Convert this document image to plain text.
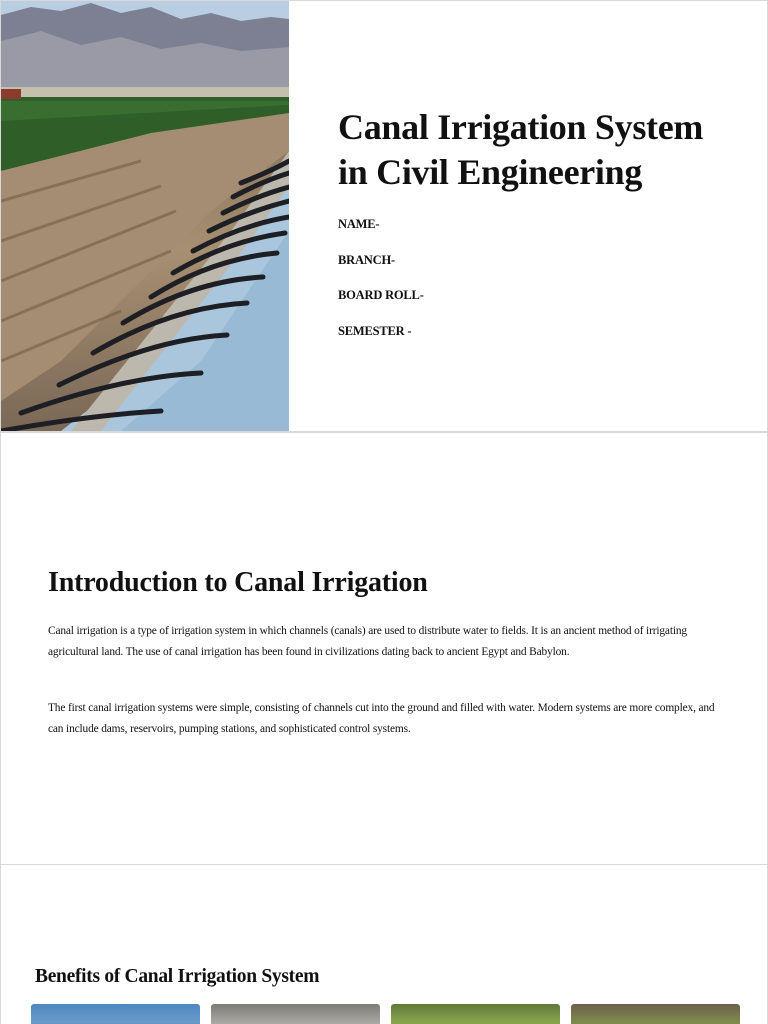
Canal Irrigation System in Civil Engineering
NAME-
BRANCH-
BOARD ROLL-
SEMESTER -
Introduction to Canal Irrigation

Canal irrigation is a type of irrigation system in which channels (canals) are used to distribute water to fields. It is an ancient method of irrigating agricultural land. The use of canal irrigation has been found in civilizations dating back to ancient Egypt and Babylon.

The first canal irrigation systems were simple, consisting of channels cut into the ground and filled with water. Modern systems are more complex, and can include dams, reservoirs, pumping stations, and sophisticated control systems.

Benefits of Canal Irrigation System
